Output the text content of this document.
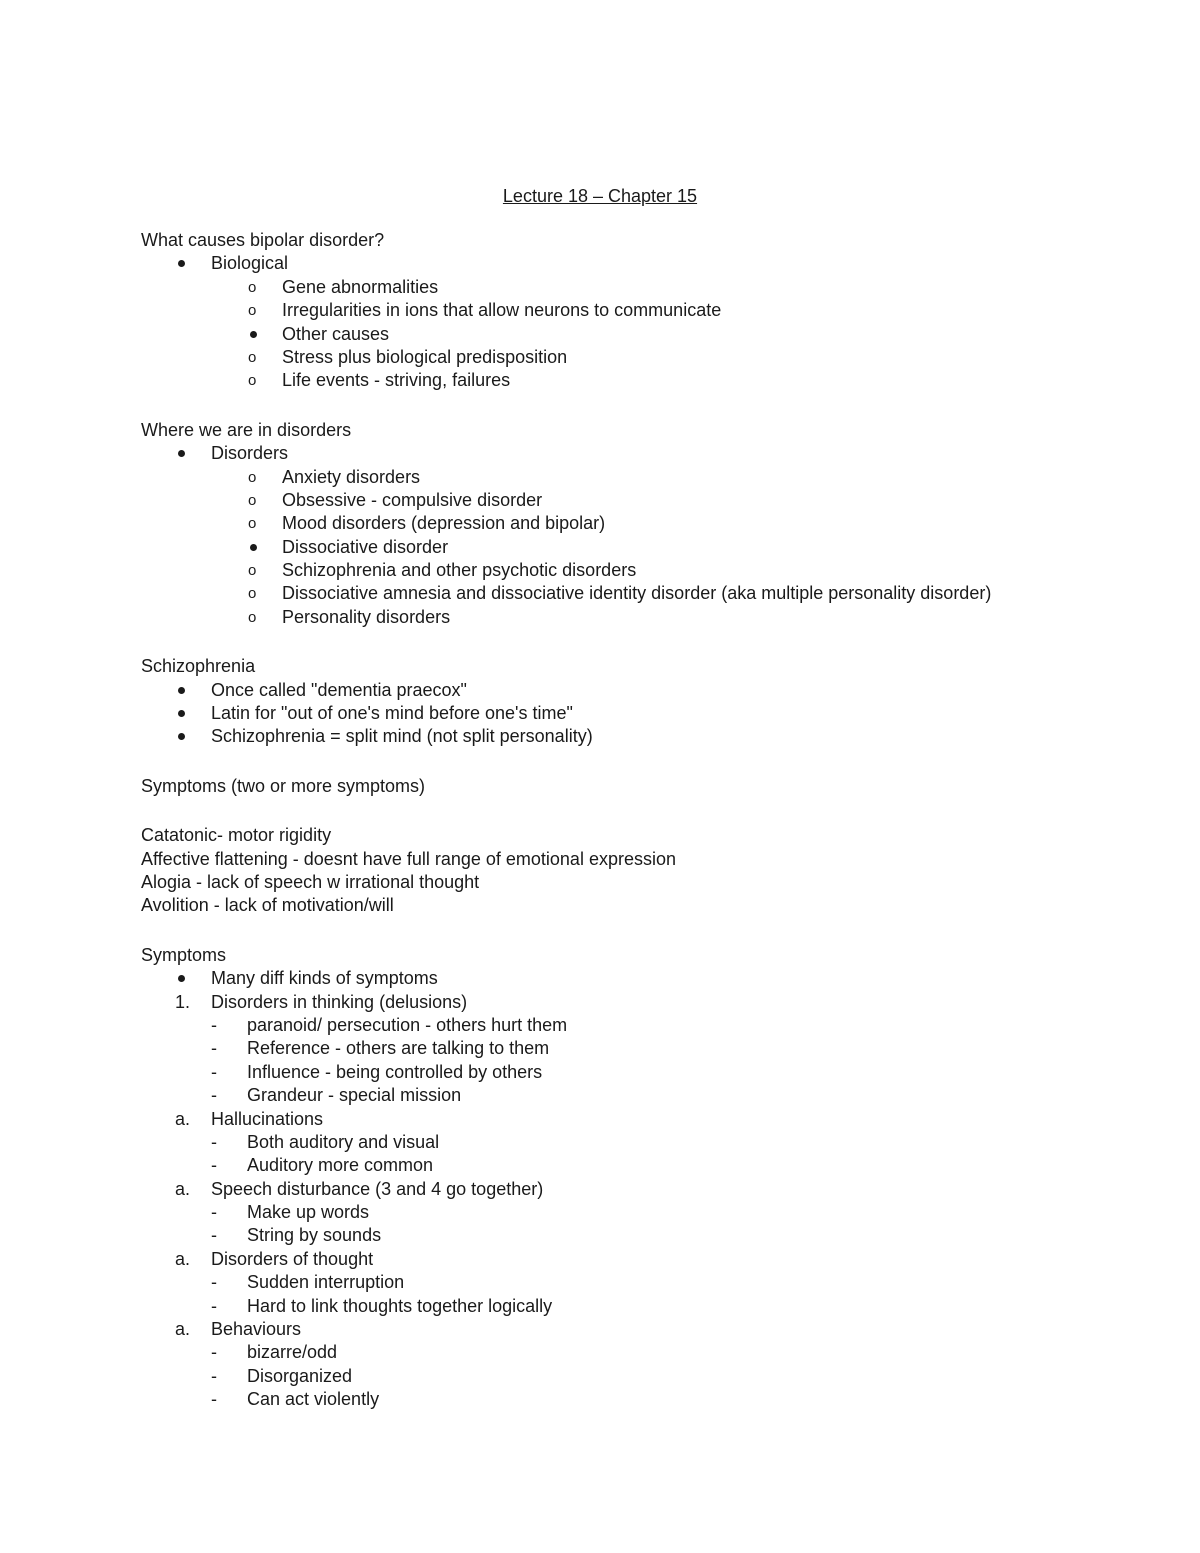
Lecture 18 – Chapter 15
What causes bipolar disorder?
Biological
o Gene abnormalities
o Irregularities in ions that allow neurons to communicate
Other causes
o Stress plus biological predisposition
o Life events - striving, failures
Where we are in disorders
Disorders
o Anxiety disorders
o Obsessive - compulsive disorder
o Mood disorders (depression and bipolar)
Dissociative disorder
o Schizophrenia and other psychotic disorders
o Dissociative amnesia and dissociative identity disorder (aka multiple personality disorder)
o Personality disorders
Schizophrenia
Once called "dementia praecox"
Latin for "out of one's mind before one's time"
Schizophrenia = split mind (not split personality)
Symptoms (two or more symptoms)
Catatonic- motor rigidity
Affective flattening - doesnt have full range of emotional expression
Alogia - lack of speech w irrational thought
Avolition - lack of motivation/will
Symptoms
Many diff kinds of symptoms
1.	Disorders in thinking (delusions)
-	paranoid/ persecution - others hurt them
-	Reference - others are talking to them
-	Influence - being controlled by others
-	Grandeur - special mission
a.	Hallucinations
-	Both auditory and visual
-	Auditory more common
a.	Speech disturbance (3 and 4 go together)
-	Make up words
-	String by sounds
a.	Disorders of thought
-	Sudden interruption
-	Hard to link thoughts together logically
a.	Behaviours
-	bizarre/odd
-	Disorganized
-	Can act violently
